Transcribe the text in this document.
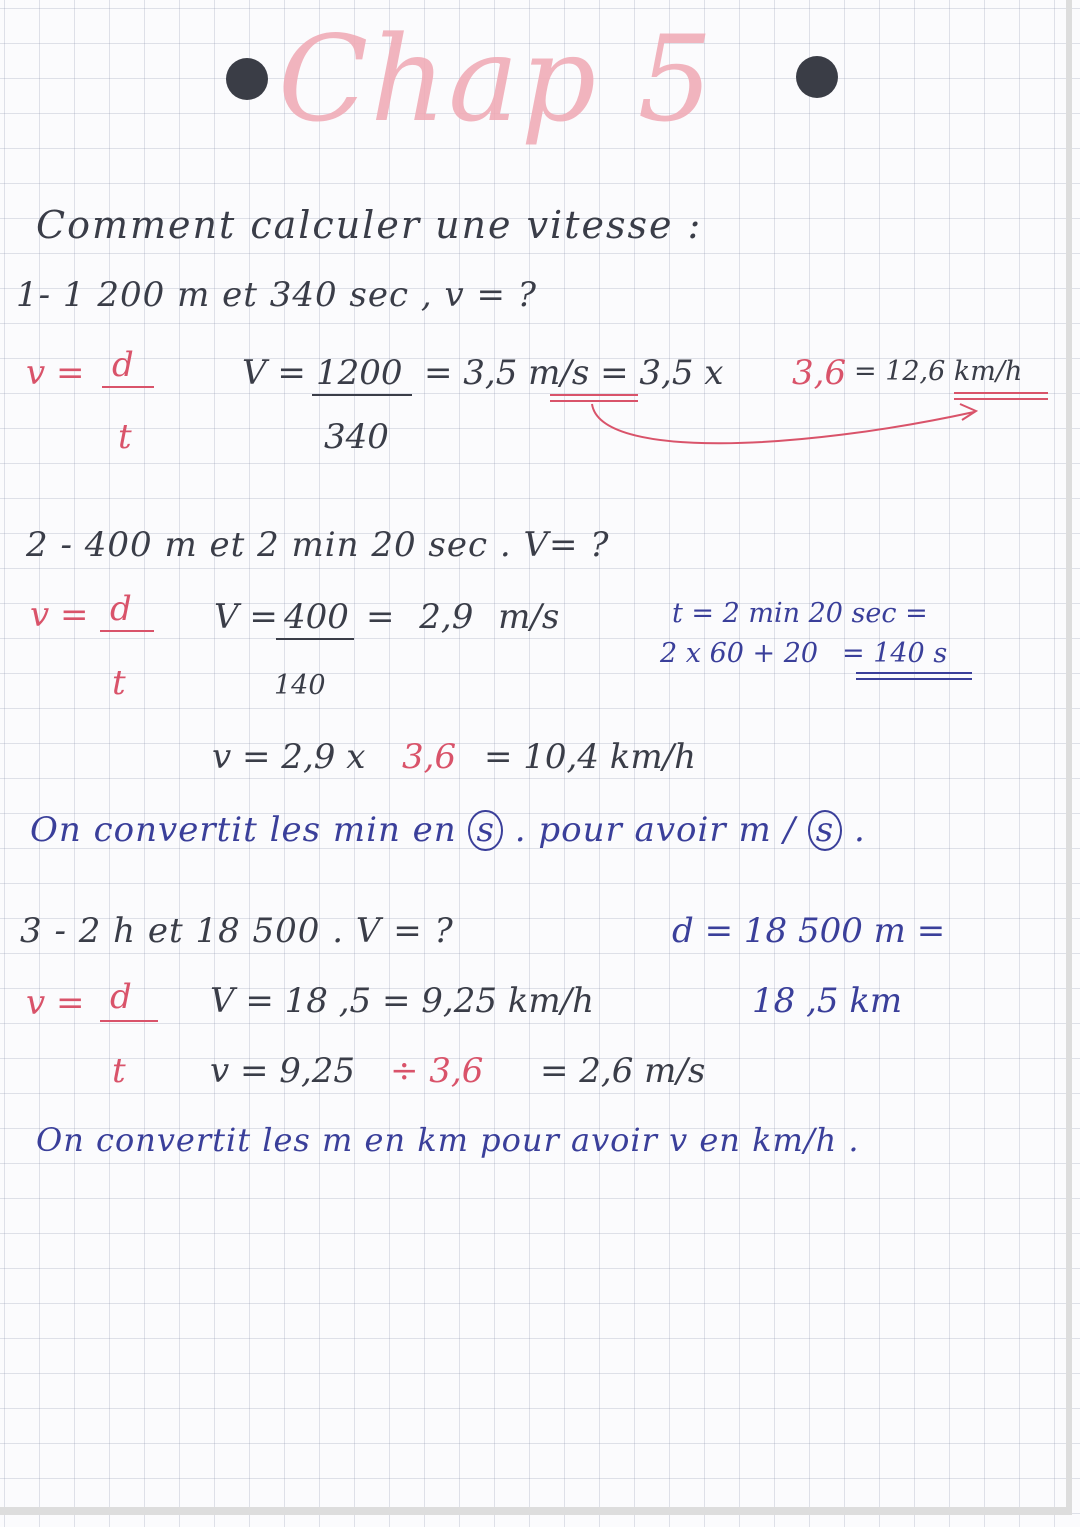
Chap 5
Comment calculer une vitesse :
1- 1 200 m et 340 sec , v = ?
v = d
t
V = 1200
340
= 3,5 m/s = 3,5 x 3,6 = 12,6 km/h
2 - 400 m et 2 min 20 sec . V= ?
v = d
t
V = 400
140
= 2,9 m/s	t = 2 min 20 sec =
2 x 60 + 20 = 140 s
v = 2,9 x 3,6 = 10,4 km/h
On convertit les min en s . pour avoir m / s .
3 - 2 h et 18 500 . V = ?	d = 18 500 m =
18 ,5 km
v = d
t
V = 18 ,5 = 9,25 km/h
v = 9,25 ÷ 3,6 = 2,6 m/s
On convertit les m en km pour avoir v en km/h .
